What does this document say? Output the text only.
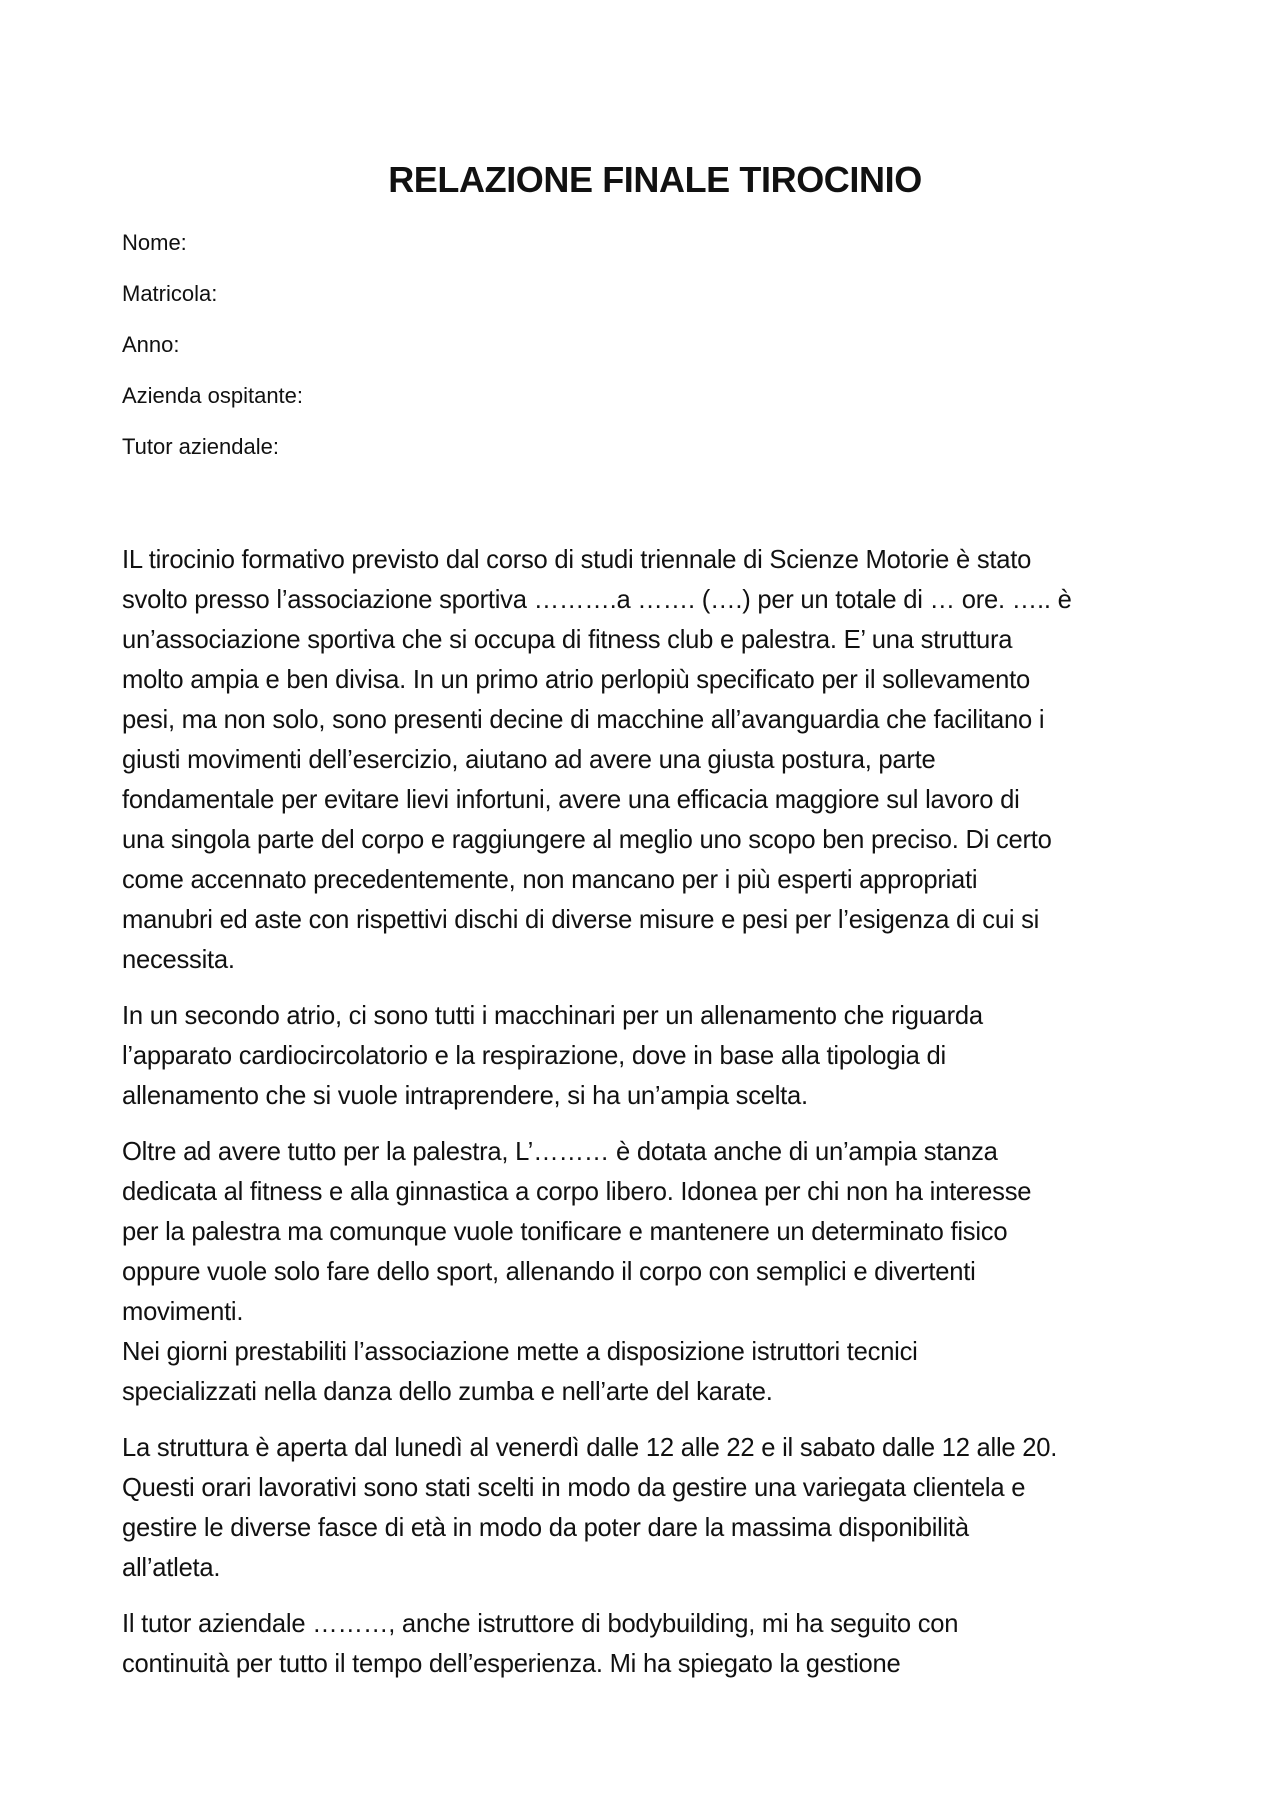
RELAZIONE FINALE TIROCINIO
Nome:
Matricola:
Anno:
Azienda ospitante:
Tutor aziendale:

IL tirocinio formativo previsto dal corso di studi triennale di Scienze Motorie è stato
svolto presso l’associazione sportiva ……….a ……. (….) per un totale di … ore. ….. è
un’associazione sportiva che si occupa di fitness club e palestra. E’ una struttura
molto ampia e ben divisa. In un primo atrio perlopiù specificato per il sollevamento
pesi, ma non solo, sono presenti decine di macchine all’avanguardia che facilitano i
giusti movimenti dell’esercizio, aiutano ad avere una giusta postura, parte
fondamentale per evitare lievi infortuni, avere una efficacia maggiore sul lavoro di
una singola parte del corpo e raggiungere al meglio uno scopo ben preciso. Di certo
come accennato precedentemente, non mancano per i più esperti appropriati
manubri ed aste con rispettivi dischi di diverse misure e pesi per l’esigenza di cui si
necessita.

In un secondo atrio, ci sono tutti i macchinari per un allenamento che riguarda
l’apparato cardiocircolatorio e la respirazione, dove in base alla tipologia di
allenamento che si vuole intraprendere, si ha un’ampia scelta.

Oltre ad avere tutto per la palestra, L’……… è dotata anche di un’ampia stanza
dedicata al fitness e alla ginnastica a corpo libero. Idonea per chi non ha interesse
per la palestra ma comunque vuole tonificare e mantenere un determinato fisico
oppure vuole solo fare dello sport, allenando il corpo con semplici e divertenti
movimenti.
Nei giorni prestabiliti l’associazione mette a disposizione istruttori tecnici
specializzati nella danza dello zumba e nell’arte del karate.

La struttura è aperta dal lunedì al venerdì dalle 12 alle 22 e il sabato dalle 12 alle 20.
Questi orari lavorativi sono stati scelti in modo da gestire una variegata clientela e
gestire le diverse fasce di età in modo da poter dare la massima disponibilità
all’atleta.

Il tutor aziendale ………, anche istruttore di bodybuilding, mi ha seguito con
continuità per tutto il tempo dell’esperienza. Mi ha spiegato la gestione
